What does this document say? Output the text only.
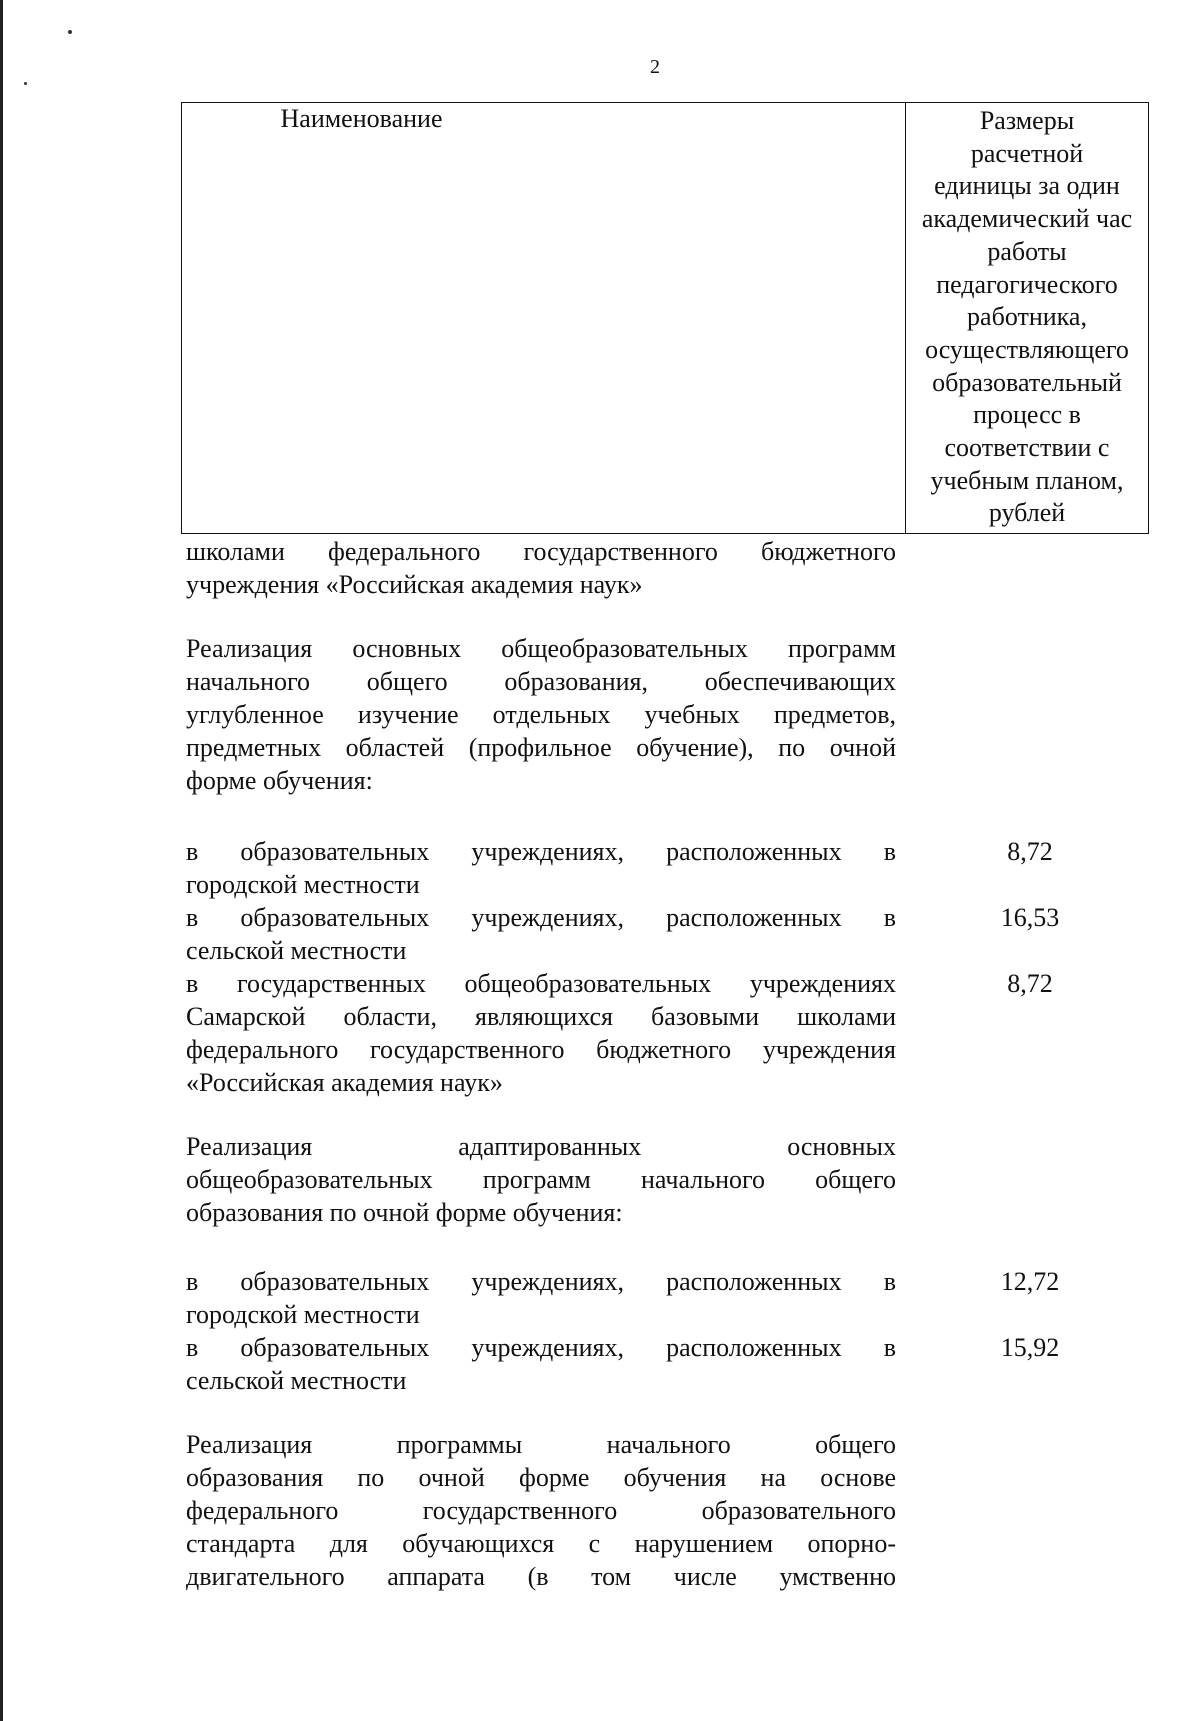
2
Наименование	Размеры
расчетной
единицы за один
академический час
работы
педагогического
работника,
осуществляющего
образовательный
процесс в
соответствии с
учебным планом,
рублей
школами федерального государственного бюджетного
учреждения «Российская академия наук»
Реализация основных общеобразовательных программ
начального общего образования, обеспечивающих
углубленное изучение отдельных учебных предметов,
предметных областей (профильное обучение), по очной
формe обучения:
в образовательных учреждениях, расположенных в
городской местности
8,72
в образовательных учреждениях, расположенных в
сельской местности
16,53
в государственных общеобразовательных учреждениях
Самарской области, являющихся базовыми школами
федерального государственного бюджетного учреждения
«Российская академия наук»
8,72
Реализация адаптированных основных
общеобразовательных программ начального общего
образования по очной форме обучения:
в образовательных учреждениях, расположенных в
городской местности
12,72
в образовательных учреждениях, расположенных в
сельской местности
15,92
Реализация программы начального общего
образования по очной форме обучения на основе
федерального государственного образовательного
стандарта для обучающихся с нарушением опорно-
двигательного аппарата (в том числе умственно
